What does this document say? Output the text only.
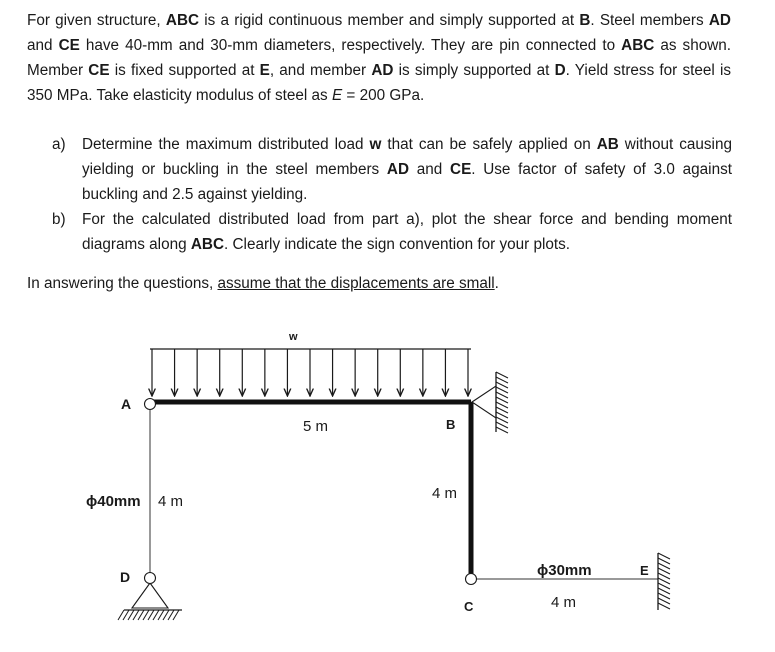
For given structure, ABC is a rigid continuous member and simply supported at B. Steel members AD and CE have 40-mm and 30-mm diameters, respectively. They are pin connected to ABC as shown. Member CE is fixed supported at E, and member AD is simply supported at D. Yield stress for steel is 350 MPa. Take elasticity modulus of steel as E = 200 GPa.
a) Determine the maximum distributed load w that can be safely applied on AB without causing yielding or buckling in the steel members AD and CE. Use factor of safety of 3.0 against buckling and 2.5 against yielding.
b) For the calculated distributed load from part a), plot the shear force and bending moment diagrams along ABC. Clearly indicate the sign convention for your plots.
In answering the questions, assume that the displacements are small.
w
A
B
C
D	E
5 m
4 m
ϕ40mm 4 m
ϕ30mm
4 m
